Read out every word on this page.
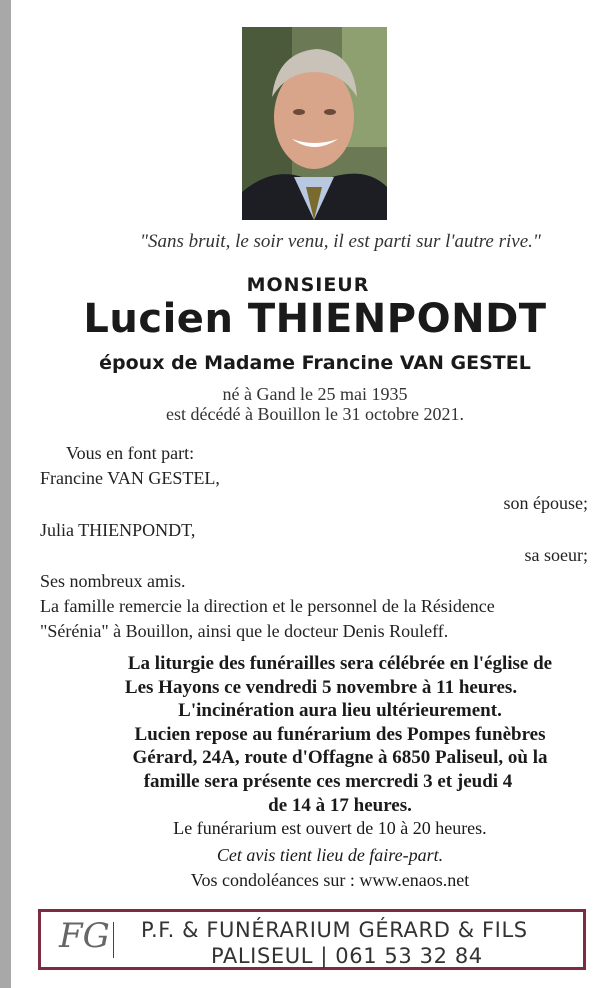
"Sans bruit, le soir venu, il est parti sur l'autre rive."
MONSIEUR
Lucien THIENPONDT
époux de Madame Francine VAN GESTEL
né à Gand le 25 mai 1935
est décédé à Bouillon le 31 octobre 2021.
Vous en font part:
Francine VAN GESTEL,
son épouse;
Julia THIENPONDT,
sa soeur;
Ses nombreux amis.
La famille remercie la direction et le personnel de la Résidence
"Sérénia" à Bouillon, ainsi que le docteur Denis Rouleff.
La liturgie des funérailles sera célébrée en l'église de
Les Hayons ce vendredi 5 novembre à 11 heures.
L'incinération aura lieu ultérieurement.
Lucien repose au funérarium des Pompes funèbres
Gérard, 24A, route d'Offagne à 6850 Paliseul, où la
famille sera présente ces mercredi 3 et jeudi 4
de 14 à 17 heures.
Le funérarium est ouvert de 10 à 20 heures.
Cet avis tient lieu de faire-part.
Vos condoléances sur : www.enaos.net
FG P.F. & FUNÉRARIUM GÉRARD & FILS
PALISEUL | 061 53 32 84
